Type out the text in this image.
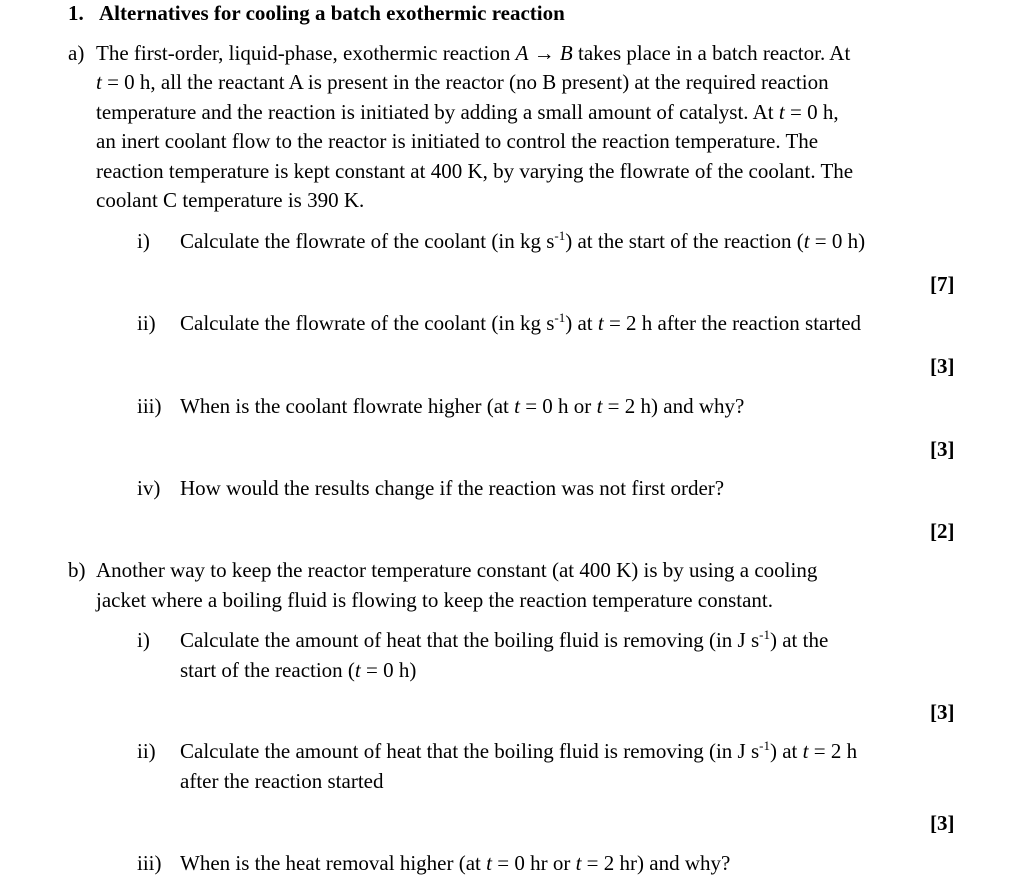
1. Alternatives for cooling a batch exothermic reaction
a) The first-order, liquid-phase, exothermic reaction A → B takes place in a batch reactor. At
t = 0 h, all the reactant A is present in the reactor (no B present) at the required reaction
temperature and the reaction is initiated by adding a small amount of catalyst. At t = 0 h,
an inert coolant flow to the reactor is initiated to control the reaction temperature. The
reaction temperature is kept constant at 400 K, by varying the flowrate of the coolant. The
coolant C temperature is 390 K.
i) Calculate the flowrate of the coolant (in kg $s^{-1}$) at the start of the reaction (t = 0 h)
[7]
ii) Calculate the flowrate of the coolant (in kg $s^{-1}$) at t = 2 h after the reaction started
[3]
iii) When is the coolant flowrate higher (at t = 0 h or t = 2 h) and why?
[3]
iv) How would the results change if the reaction was not first order?
[2]
b) Another way to keep the reactor temperature constant (at 400 K) is by using a cooling
jacket where a boiling fluid is flowing to keep the reaction temperature constant.
i) Calculate the amount of heat that the boiling fluid is removing (in J $s^{-1}$) at the
start of the reaction (t = 0 h)
[3]
ii) Calculate the amount of heat that the boiling fluid is removing (in J $s^{-1}$) at t = 2 h
after the reaction started
[3]
iii) When is the heat removal higher (at t = 0 hr or t = 2 hr) and why?
